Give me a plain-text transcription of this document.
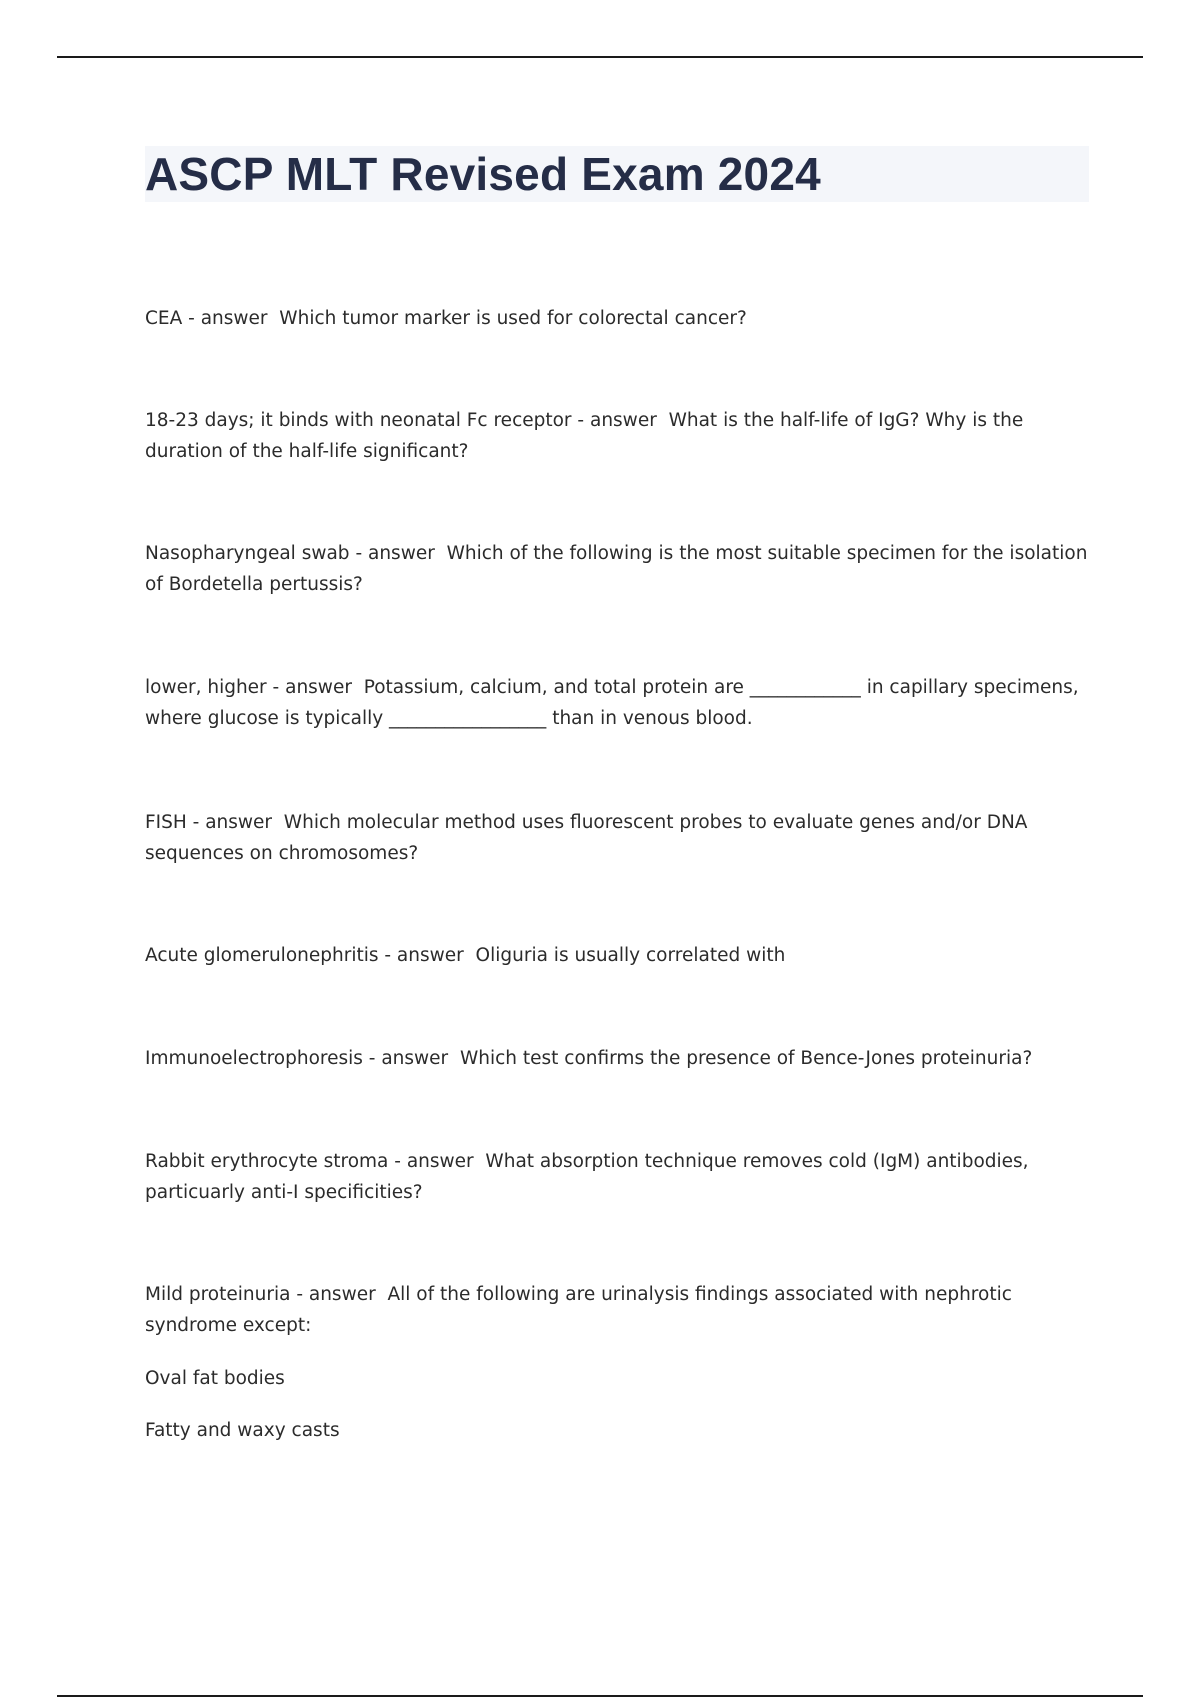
ASCP MLT Revised Exam 2024

CEA - answer  Which tumor marker is used for colorectal cancer?

18-23 days; it binds with neonatal Fc receptor - answer  What is the half-life of IgG? Why is the duration of the half-life significant?

Nasopharyngeal swab - answer  Which of the following is the most suitable specimen for the isolation of Bordetella pertussis?

lower, higher - answer  Potassium, calcium, and total protein are ____________ in capillary specimens, where glucose is typically _________________ than in venous blood.

FISH - answer  Which molecular method uses fluorescent probes to evaluate genes and/or DNA sequences on chromosomes?

Acute glomerulonephritis - answer  Oliguria is usually correlated with

Immunoelectrophoresis - answer  Which test confirms the presence of Bence-Jones proteinuria?

Rabbit erythrocyte stroma - answer  What absorption technique removes cold (IgM) antibodies, particuarly anti-I specificities?

Mild proteinuria - answer  All of the following are urinalysis findings associated with nephrotic syndrome except:

Oval fat bodies

Fatty and waxy casts
